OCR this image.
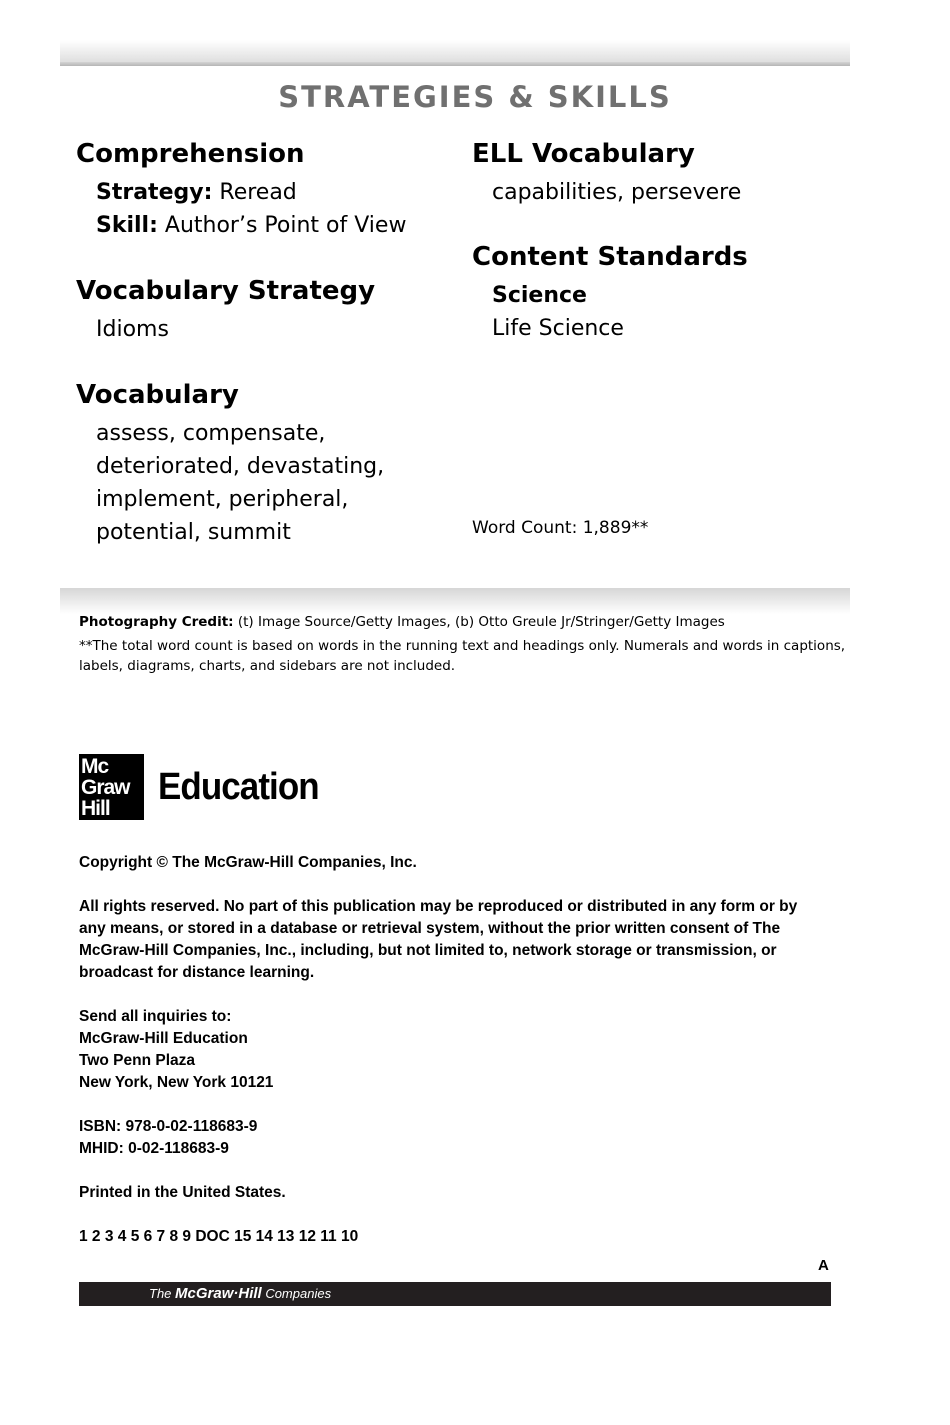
STRATEGIES & SKILLS
Comprehension
Strategy: Reread
Skill: Author’s Point of View
Vocabulary Strategy
Idioms
Vocabulary
assess, compensate,
deteriorated, devastating,
implement, peripheral,
potential, summit
ELL Vocabulary
capabilities, persevere
Content Standards
Science
Life Science
Word Count: 1,889**
Photography Credit: (t) Image Source/Getty Images, (b) Otto Greule Jr/Stringer/Getty Images
**The total word count is based on words in the running text and headings only. Numerals and words in captions,
labels, diagrams, charts, and sidebars are not included.
Mc
Graw
Hill
Education

Copyright © The McGraw-Hill Companies, Inc.

All rights reserved. No part of this publication may be reproduced or distributed in any form or by
any means, or stored in a database or retrieval system, without the prior written consent of The
McGraw-Hill Companies, Inc., including, but not limited to, network storage or transmission, or
broadcast for distance learning.

Send all inquiries to:
McGraw-Hill Education
Two Penn Plaza
New York, New York 10121

ISBN: 978-0-02-118683-9
MHID: 0-02-118683-9

Printed in the United States.

1 2 3 4 5 6 7 8 9 DOC 15 14 13 12 11 10

A
The McGraw·Hill Companies
